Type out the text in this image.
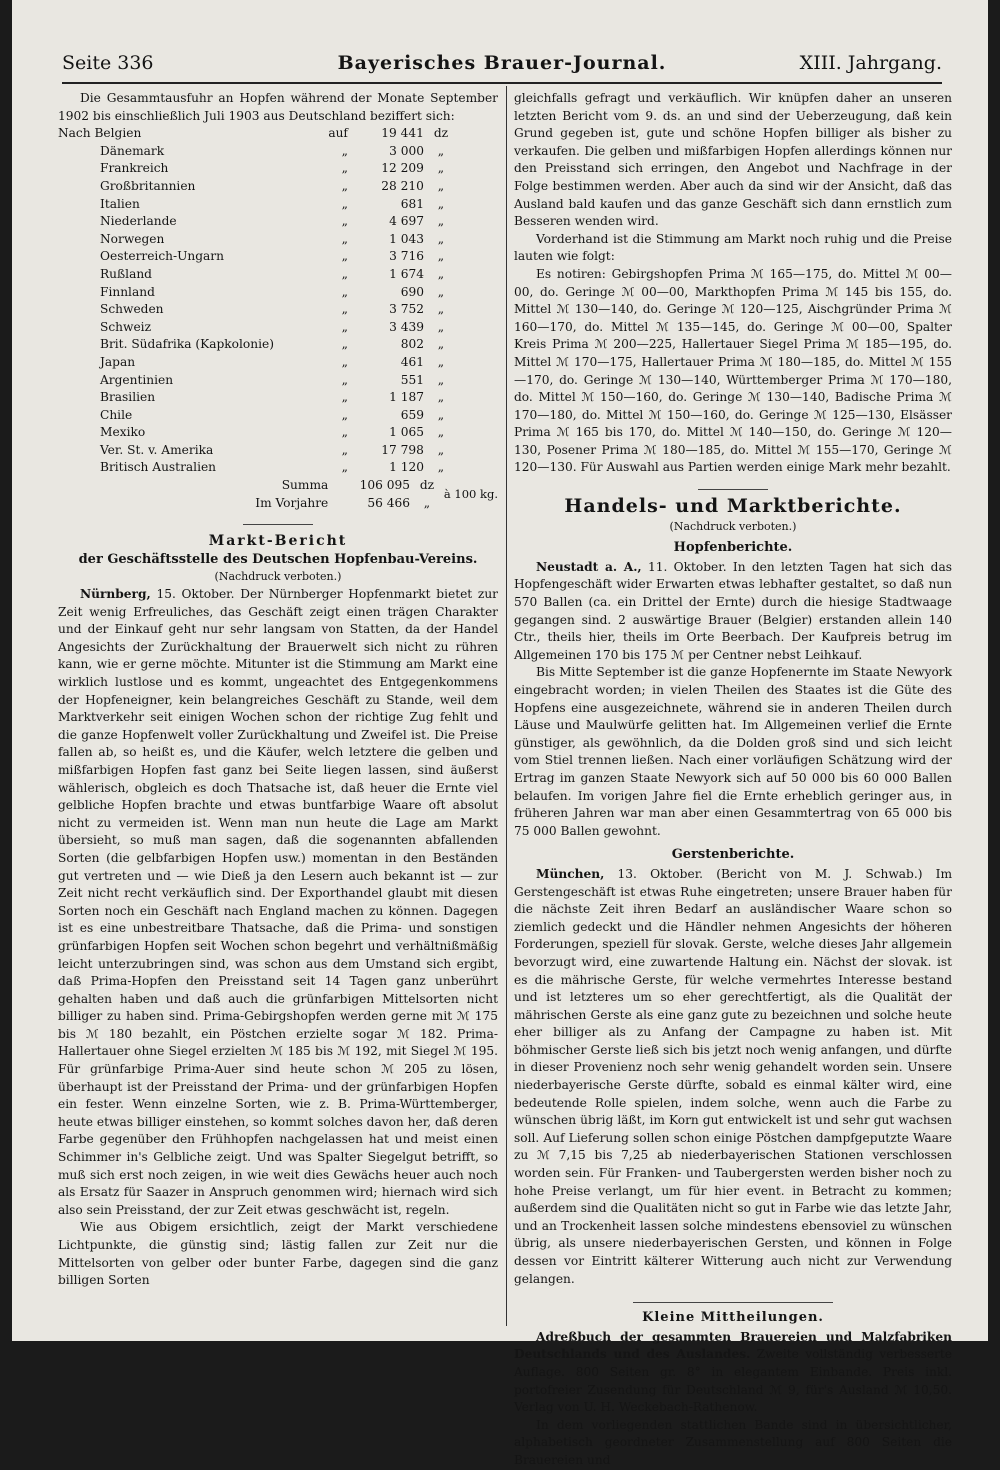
Seite 336	Bayerisches Brauer-Journal.	XIII. Jahrgang.

Die Gesammtausfuhr an Hopfen während der Monate September 1902 bis einschließlich Juli 1903 aus Deutschland beziffert sich:

Nach Belgien	auf	19 441	dz
Dänemark	„	3 000	„
Frankreich	„	12 209	„
Großbritannien	„	28 210	„
Italien	„	681	„
Niederlande	„	4 697	„
Norwegen	„	1 043	„
Oesterreich-Ungarn	„	3 716	„
Rußland	„	1 674	„
Finnland	„	690	„
Schweden	„	3 752	„
Schweiz	„	3 439	„
Brit. Südafrika (Kapkolonie)	„	802	„
Japan	„	461	„
Argentinien	„	551	„
Brasilien	„	1 187	„
Chile	„	659	„
Mexiko	„	1 065	„
Ver. St. v. Amerika	„	17 798	„
Britisch Australien	„	1 120	„
Summa	106 095	dz	à 100 kg.
Im Vorjahre	56 466	„	
Markt-Bericht
der Geschäftsstelle des Deutschen Hopfenbau-Vereins.
(Nachdruck verboten.)

Nürnberg, 15. Oktober. Der Nürnberger Hopfenmarkt bietet zur Zeit wenig Erfreuliches, das Geschäft zeigt einen trägen Charakter und der Einkauf geht nur sehr langsam von Statten, da der Handel Angesichts der Zurückhaltung der Brauerwelt sich nicht zu rühren kann, wie er gerne möchte. Mitunter ist die Stimmung am Markt eine wirklich lustlose und es kommt, ungeachtet des Entgegenkommens der Hopfeneigner, kein belangreiches Geschäft zu Stande, weil dem Marktverkehr seit einigen Wochen schon der richtige Zug fehlt und die ganze Hopfenwelt voller Zurückhaltung und Zweifel ist. Die Preise fallen ab, so heißt es, und die Käufer, welch letztere die gelben und mißfarbigen Hopfen fast ganz bei Seite liegen lassen, sind äußerst wählerisch, obgleich es doch Thatsache ist, daß heuer die Ernte viel gelbliche Hopfen brachte und etwas buntfarbige Waare oft absolut nicht zu vermeiden ist. Wenn man nun heute die Lage am Markt übersieht, so muß man sagen, daß die sogenannten abfallenden Sorten (die gelbfarbigen Hopfen usw.) momentan in den Beständen gut vertreten und — wie Dieß ja den Lesern auch bekannt ist — zur Zeit nicht recht verkäuflich sind. Der Exporthandel glaubt mit diesen Sorten noch ein Geschäft nach England machen zu können. Dagegen ist es eine unbestreitbare Thatsache, daß die Prima- und sonstigen grünfarbigen Hopfen seit Wochen schon begehrt und verhältnißmäßig leicht unterzubringen sind, was schon aus dem Umstand sich ergibt, daß Prima-Hopfen den Preisstand seit 14 Tagen ganz unberührt gehalten haben und daß auch die grünfarbigen Mittelsorten nicht billiger zu haben sind. Prima-Gebirgshopfen werden gerne mit ℳ 175 bis ℳ 180 bezahlt, ein Pöstchen erzielte sogar ℳ 182. Prima-Hallertauer ohne Siegel erzielten ℳ 185 bis ℳ 192, mit Siegel ℳ 195. Für grünfarbige Prima-Auer sind heute schon ℳ 205 zu lösen, überhaupt ist der Preisstand der Prima- und der grünfarbigen Hopfen ein fester. Wenn einzelne Sorten, wie z. B. Prima-Württemberger, heute etwas billiger einstehen, so kommt solches davon her, daß deren Farbe gegenüber den Frühhopfen nachgelassen hat und meist einen Schimmer in's Gelbliche zeigt. Und was Spalter Siegelgut betrifft, so muß sich erst noch zeigen, in wie weit dies Gewächs heuer auch noch als Ersatz für Saazer in Anspruch genommen wird; hiernach wird sich also sein Preisstand, der zur Zeit etwas geschwächt ist, regeln.

Wie aus Obigem ersichtlich, zeigt der Markt verschiedene Lichtpunkte, die günstig sind; lästig fallen zur Zeit nur die Mittelsorten von gelber oder bunter Farbe, dagegen sind die ganz billigen Sorten

gleichfalls gefragt und verkäuflich. Wir knüpfen daher an unseren letzten Bericht vom 9. ds. an und sind der Ueberzeugung, daß kein Grund gegeben ist, gute und schöne Hopfen billiger als bisher zu verkaufen. Die gelben und mißfarbigen Hopfen allerdings können nur den Preisstand sich erringen, den Angebot und Nachfrage in der Folge bestimmen werden. Aber auch da sind wir der Ansicht, daß das Ausland bald kaufen und das ganze Geschäft sich dann ernstlich zum Besseren wenden wird.

Vorderhand ist die Stimmung am Markt noch ruhig und die Preise lauten wie folgt:

Es notiren: Gebirgshopfen Prima ℳ 165—175, do. Mittel ℳ 00—00, do. Geringe ℳ 00—00, Markthopfen Prima ℳ 145 bis 155, do. Mittel ℳ 130—140, do. Geringe ℳ 120—125, Aischgründer Prima ℳ 160—170, do. Mittel ℳ 135—145, do. Geringe ℳ 00—00, Spalter Kreis Prima ℳ 200—225, Hallertauer Siegel Prima ℳ 185—195, do. Mittel ℳ 170—175, Hallertauer Prima ℳ 180—185, do. Mittel ℳ 155—170, do. Geringe ℳ 130—140, Württemberger Prima ℳ 170—180, do. Mittel ℳ 150—160, do. Geringe ℳ 130—140, Badische Prima ℳ 170—180, do. Mittel ℳ 150—160, do. Geringe ℳ 125—130, Elsässer Prima ℳ 165 bis 170, do. Mittel ℳ 140—150, do. Geringe ℳ 120—130, Posener Prima ℳ 180—185, do. Mittel ℳ 155—170, Geringe ℳ 120—130. Für Auswahl aus Partien werden einige Mark mehr bezahlt.

Handels- und Marktberichte.
(Nachdruck verboten.)
Hopfenberichte.

Neustadt a. A., 11. Oktober. In den letzten Tagen hat sich das Hopfengeschäft wider Erwarten etwas lebhafter gestaltet, so daß nun 570 Ballen (ca. ein Drittel der Ernte) durch die hiesige Stadtwaage gegangen sind. 2 auswärtige Brauer (Belgier) erstanden allein 140 Ctr., theils hier, theils im Orte Beerbach. Der Kaufpreis betrug im Allgemeinen 170 bis 175 ℳ per Centner nebst Leihkauf.

Bis Mitte September ist die ganze Hopfenernte im Staate Newyork eingebracht worden; in vielen Theilen des Staates ist die Güte des Hopfens eine ausgezeichnete, während sie in anderen Theilen durch Läuse und Maulwürfe gelitten hat. Im Allgemeinen verlief die Ernte günstiger, als gewöhnlich, da die Dolden groß sind und sich leicht vom Stiel trennen ließen. Nach einer vorläufigen Schätzung wird der Ertrag im ganzen Staate Newyork sich auf 50 000 bis 60 000 Ballen belaufen. Im vorigen Jahre fiel die Ernte erheblich geringer aus, in früheren Jahren war man aber einen Gesammtertrag von 65 000 bis 75 000 Ballen gewohnt.

Gerstenberichte.

München, 13. Oktober. (Bericht von M. J. Schwab.) Im Gerstengeschäft ist etwas Ruhe eingetreten; unsere Brauer haben für die nächste Zeit ihren Bedarf an ausländischer Waare schon so ziemlich gedeckt und die Händler nehmen Angesichts der höheren Forderungen, speziell für slovak. Gerste, welche dieses Jahr allgemein bevorzugt wird, eine zuwartende Haltung ein. Nächst der slovak. ist es die mährische Gerste, für welche vermehrtes Interesse bestand und ist letzteres um so eher gerechtfertigt, als die Qualität der mährischen Gerste als eine ganz gute zu bezeichnen und solche heute eher billiger als zu Anfang der Campagne zu haben ist. Mit böhmischer Gerste ließ sich bis jetzt noch wenig anfangen, und dürfte in dieser Provenienz noch sehr wenig gehandelt worden sein. Unsere niederbayerische Gerste dürfte, sobald es einmal kälter wird, eine bedeutende Rolle spielen, indem solche, wenn auch die Farbe zu wünschen übrig läßt, im Korn gut entwickelt ist und sehr gut wachsen soll. Auf Lieferung sollen schon einige Pöstchen dampfgeputzte Waare zu ℳ 7,15 bis 7,25 ab niederbayerischen Stationen verschlossen worden sein. Für Franken- und Taubergersten werden bisher noch zu hohe Preise verlangt, um für hier event. in Betracht zu kommen; außerdem sind die Qualitäten nicht so gut in Farbe wie das letzte Jahr, und an Trockenheit lassen solche mindestens ebensoviel zu wünschen übrig, als unsere niederbayerischen Gersten, und können in Folge dessen vor Eintritt kälterer Witterung auch nicht zur Verwendung gelangen.

Kleine Mittheilungen.

Adreßbuch der gesammten Brauereien und Malzfabriken Deutschlands und des Auslandes. Zweite vollständig verbesserte Auflage. 800 Seiten gr. 8° in elegantem Einbande. Preis inkl. portofreier Zusendung für Deutschland ℳ 9, für's Ausland ℳ 10,50. Verlag von U. H. Weckebach-Rathenow.

In dem vorliegenden stattlichen Bande sind in übersichtlicher, alphabetisch geordneter Zusammenstellung auf 800 Seiten die Brauereien und
